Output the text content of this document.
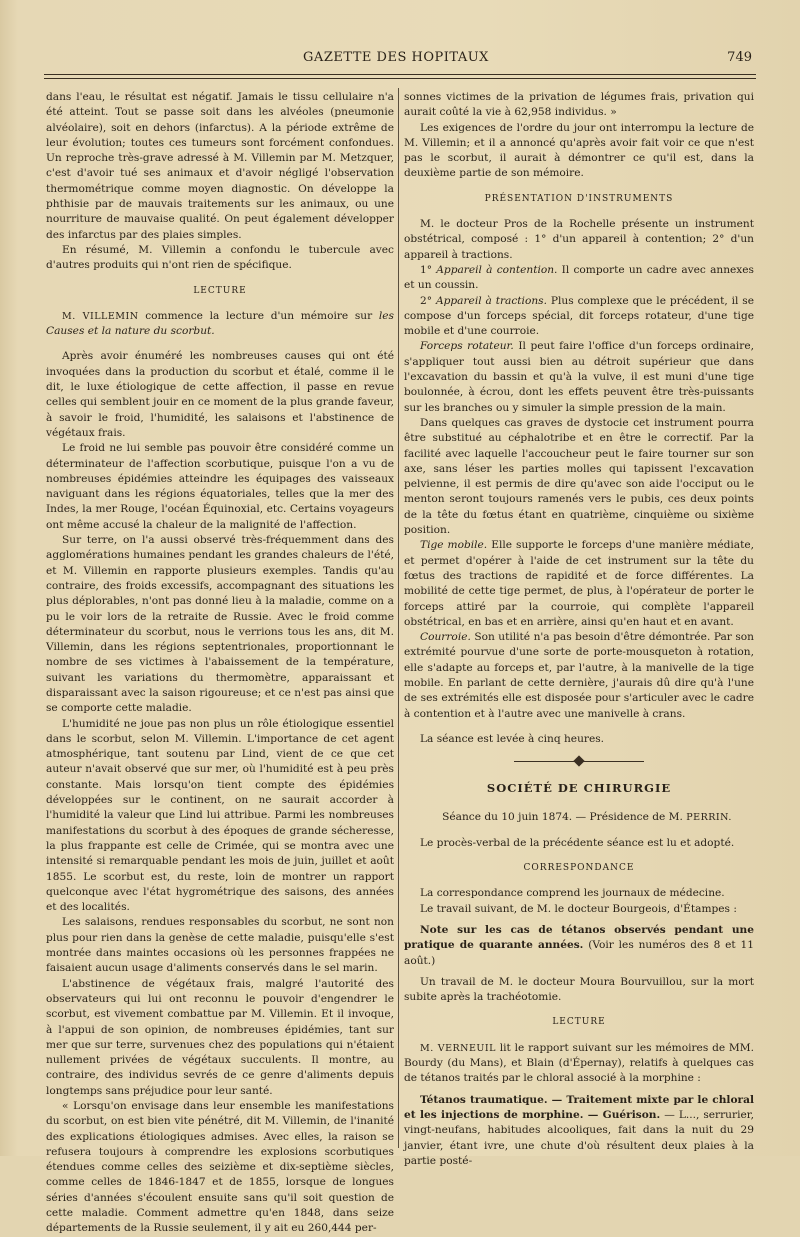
GAZETTE DES HOPITAUX	749

dans l'eau, le résultat est négatif. Jamais le tissu cellulaire n'a été atteint. Tout se passe soit dans les alvéoles (pneumonie alvéolaire), soit en dehors (infarctus). A la période extrême de leur évolution; toutes ces tumeurs sont forcément confondues. Un reproche très-grave adressé à M. Villemin par M. Metzquer, c'est d'avoir tué ses animaux et d'avoir négligé l'observation thermométrique comme moyen diagnostic. On développe la phthisie par de mauvais traitements sur les animaux, ou une nourriture de mauvaise qualité. On peut également développer des infarctus par des plaies simples.

En résumé, M. Villemin a confondu le tubercule avec d'autres produits qui n'ont rien de spécifique.

LECTURE

M. VILLEMIN commence la lecture d'un mémoire sur les Causes et la nature du scorbut.

Après avoir énuméré les nombreuses causes qui ont été invoquées dans la production du scorbut et étalé, comme il le dit, le luxe étiologique de cette affection, il passe en revue celles qui semblent jouir en ce moment de la plus grande faveur, à savoir le froid, l'humidité, les salaisons et l'abstinence de végétaux frais.

Le froid ne lui semble pas pouvoir être considéré comme un déterminateur de l'affection scorbutique, puisque l'on a vu de nombreuses épidémies atteindre les équipages des vaisseaux naviguant dans les régions équatoriales, telles que la mer des Indes, la mer Rouge, l'océan Équinoxial, etc. Certains voyageurs ont même accusé la chaleur de la malignité de l'affection.

Sur terre, on l'a aussi observé très-fréquemment dans des agglomérations humaines pendant les grandes chaleurs de l'été, et M. Villemin en rapporte plusieurs exemples. Tandis qu'au contraire, des froids excessifs, accompagnant des situations les plus déplorables, n'ont pas donné lieu à la maladie, comme on a pu le voir lors de la retraite de Russie. Avec le froid comme déterminateur du scorbut, nous le verrions tous les ans, dit M. Villemin, dans les régions septentrionales, proportionnant le nombre de ses victimes à l'abaissement de la température, suivant les variations du thermomètre, apparaissant et disparaissant avec la saison rigoureuse; et ce n'est pas ainsi que se comporte cette maladie.

L'humidité ne joue pas non plus un rôle étiologique essentiel dans le scorbut, selon M. Villemin. L'importance de cet agent atmosphérique, tant soutenu par Lind, vient de ce que cet auteur n'avait observé que sur mer, où l'humidité est à peu près constante. Mais lorsqu'on tient compte des épidémies développées sur le continent, on ne saurait accorder à l'humidité la valeur que Lind lui attribue. Parmi les nombreuses manifestations du scorbut à des époques de grande sécheresse, la plus frappante est celle de Crimée, qui se montra avec une intensité si remarquable pendant les mois de juin, juillet et août 1855. Le scorbut est, du reste, loin de montrer un rapport quelconque avec l'état hygrométrique des saisons, des années et des localités.

Les salaisons, rendues responsables du scorbut, ne sont non plus pour rien dans la genèse de cette maladie, puisqu'elle s'est montrée dans maintes occasions où les personnes frappées ne faisaient aucun usage d'aliments conservés dans le sel marin.

L'abstinence de végétaux frais, malgré l'autorité des observateurs qui lui ont reconnu le pouvoir d'engendrer le scorbut, est vivement combattue par M. Villemin. Et il invoque, à l'appui de son opinion, de nombreuses épidémies, tant sur mer que sur terre, survenues chez des populations qui n'étaient nullement privées de végétaux succulents. Il montre, au contraire, des individus sevrés de ce genre d'aliments depuis longtemps sans préjudice pour leur santé.

« Lorsqu'on envisage dans leur ensemble les manifestations du scorbut, on est bien vite pénétré, dit M. Villemin, de l'inanité des explications étiologiques admises. Avec elles, la raison se refusera toujours à comprendre les explosions scorbutiques étendues comme celles des seizième et dix-septième siècles, comme celles de 1846-1847 et de 1855, lorsque de longues séries d'années s'écoulent ensuite sans qu'il soit question de cette maladie. Comment admettre qu'en 1848, dans seize départements de la Russie seulement, il y ait eu 260,444 per-

sonnes victimes de la privation de légumes frais, privation qui aurait coûté la vie à 62,958 individus. »

Les exigences de l'ordre du jour ont interrompu la lecture de M. Villemin; et il a annoncé qu'après avoir fait voir ce que n'est pas le scorbut, il aurait à démontrer ce qu'il est, dans la deuxième partie de son mémoire.

PRÉSENTATION D'INSTRUMENTS

M. le docteur Pros de la Rochelle présente un instrument obstétrical, composé : 1° d'un appareil à contention; 2° d'un appareil à tractions.

1° Appareil à contention. Il comporte un cadre avec annexes et un coussin.

2° Appareil à tractions. Plus complexe que le précédent, il se compose d'un forceps spécial, dit forceps rotateur, d'une tige mobile et d'une courroie.

Forceps rotateur. Il peut faire l'office d'un forceps ordinaire, s'appliquer tout aussi bien au détroit supérieur que dans l'excavation du bassin et qu'à la vulve, il est muni d'une tige boulonnée, à écrou, dont les effets peuvent être très-puissants sur les branches ou y simuler la simple pression de la main.

Dans quelques cas graves de dystocie cet instrument pourra être substitué au céphalotribe et en être le correctif. Par la facilité avec laquelle l'accoucheur peut le faire tourner sur son axe, sans léser les parties molles qui tapissent l'excavation pelvienne, il est permis de dire qu'avec son aide l'occiput ou le menton seront toujours ramenés vers le pubis, ces deux points de la tête du fœtus étant en quatrième, cinquième ou sixième position.

Tige mobile. Elle supporte le forceps d'une manière médiate, et permet d'opérer à l'aide de cet instrument sur la tête du fœtus des tractions de rapidité et de force différentes. La mobilité de cette tige permet, de plus, à l'opérateur de porter le forceps attiré par la courroie, qui complète l'appareil obstétrical, en bas et en arrière, ainsi qu'en haut et en avant.

Courroie. Son utilité n'a pas besoin d'être démontrée. Par son extrémité pourvue d'une sorte de porte-mousqueton à rotation, elle s'adapte au forceps et, par l'autre, à la manivelle de la tige mobile. En parlant de cette dernière, j'aurais dû dire qu'à l'une de ses extrémités elle est disposée pour s'articuler avec le cadre à contention et à l'autre avec une manivelle à crans.

La séance est levée à cinq heures.

SOCIÉTÉ DE CHIRURGIE

Séance du 10 juin 1874. — Présidence de M. PERRIN.

Le procès-verbal de la précédente séance est lu et adopté.

CORRESPONDANCE

La correspondance comprend les journaux de médecine.

Le travail suivant, de M. le docteur Bourgeois, d'Étampes :

Note sur les cas de tétanos observés pendant une pratique de quarante années. (Voir les numéros des 8 et 11 août.)

Un travail de M. le docteur Moura Bourvuillou, sur la mort subite après la trachéotomie.

LECTURE

M. VERNEUIL lit le rapport suivant sur les mémoires de MM. Bourdy (du Mans), et Blain (d'Épernay), relatifs à quelques cas de tétanos traités par le chloral associé à la morphine :

Tétanos traumatique. — Traitement mixte par le chloral et les injections de morphine. — Guérison. — L..., serrurier, vingt-neufans, habitudes alcooliques, fait dans la nuit du 29 janvier, étant ivre, une chute d'où résultent deux plaies à la partie posté-
